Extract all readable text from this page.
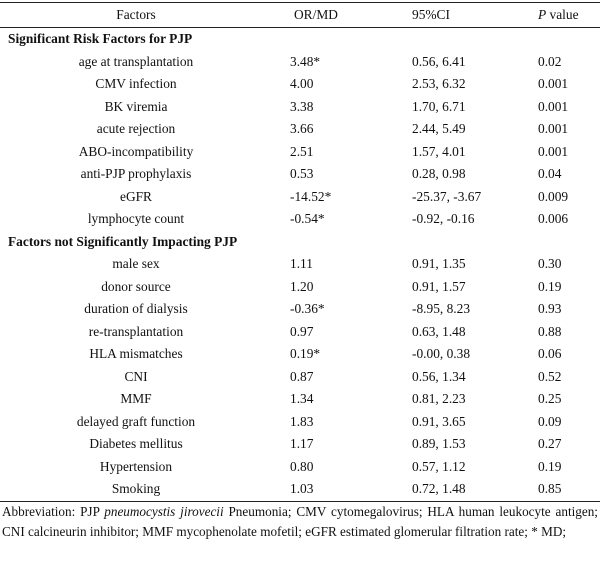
Factors	OR/MD	95%CI	P value
Significant Risk Factors for PJP			
age at transplantation	3.48*	0.56, 6.41	0.02
CMV infection	4.00	2.53, 6.32	0.001
BK viremia	3.38	1.70, 6.71	0.001
acute rejection	3.66	2.44, 5.49	0.001
ABO-incompatibility	2.51	1.57, 4.01	0.001
anti-PJP prophylaxis	0.53	0.28, 0.98	0.04
eGFR	-14.52*	-25.37, -3.67	0.009
lymphocyte count	-0.54*	-0.92, -0.16	0.006
Factors not Significantly Impacting PJP			
male sex	1.11	0.91, 1.35	0.30
donor source	1.20	0.91, 1.57	0.19
duration of dialysis	-0.36*	-8.95, 8.23	0.93
re-transplantation	0.97	0.63, 1.48	0.88
HLA mismatches	0.19*	-0.00, 0.38	0.06
CNI	0.87	0.56, 1.34	0.52
MMF	1.34	0.81, 2.23	0.25
delayed graft function	1.83	0.91, 3.65	0.09
Diabetes mellitus	1.17	0.89, 1.53	0.27
Hypertension	0.80	0.57, 1.12	0.19
Smoking	1.03	0.72, 1.48	0.85
Abbreviation: PJP pneumocystis jirovecii Pneumonia; CMV cytomegalovirus; HLA human leukocyte antigen; CNI calcineurin inhibitor; MMF mycophenolate mofetil; eGFR estimated glomerular filtration rate; * MD;
